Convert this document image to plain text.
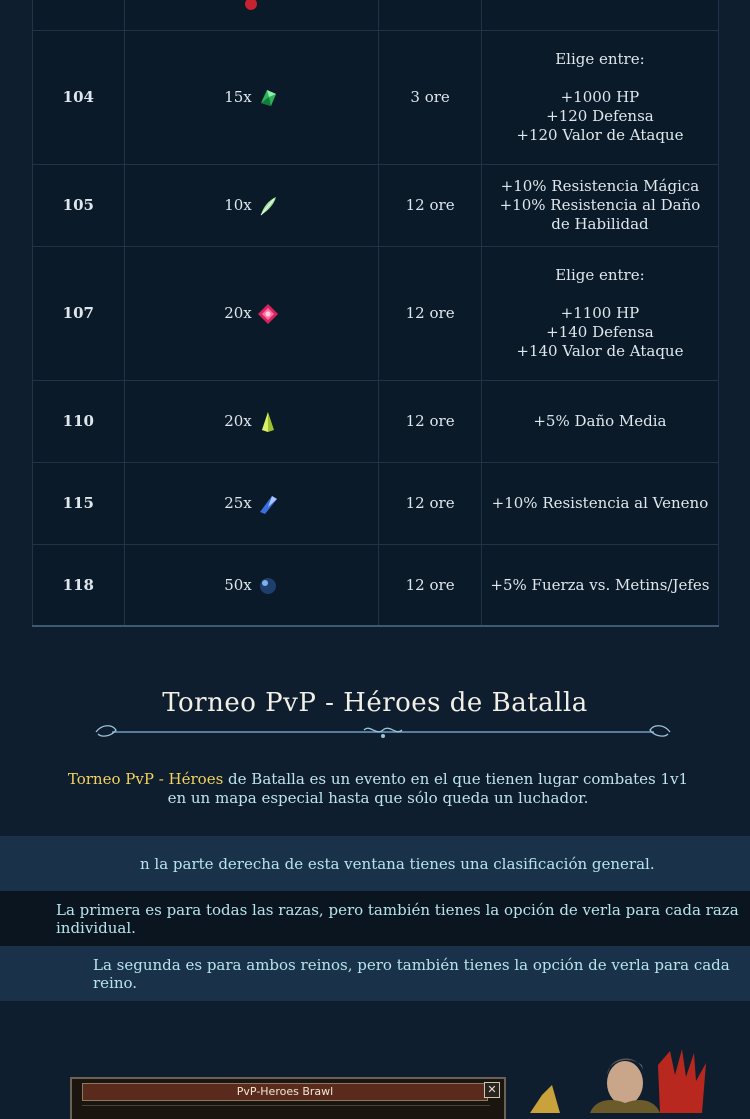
104	15x	3 ore	Elige entre:

+1000 HP
+120 Defensa
+120 Valor de Ataque
105	10x	12 ore	+10% Resistencia Mágica
+10% Resistencia al Daño
de Habilidad
107	20x	12 ore	Elige entre:

+1100 HP
+140 Defensa
+140 Valor de Ataque
110	20x	12 ore	+5% Daño Media
115	25x	12 ore	+10% Resistencia al Veneno
118	50x	12 ore	+5% Fuerza vs. Metins/Jefes
Torneo PvP - Héroes de Batalla
Torneo PvP - Héroes de Batalla es un evento en el que tienen lugar combates 1v1 en un mapa especial hasta que sólo queda un luchador.
n la parte derecha de esta ventana tienes una clasificación general.
La primera es para todas las razas, pero también tienes la opción de verla para cada raza individual.
La segunda es para ambos reinos, pero también tienes la opción de verla para cada reino.
PvP-Heroes Brawl	✕
